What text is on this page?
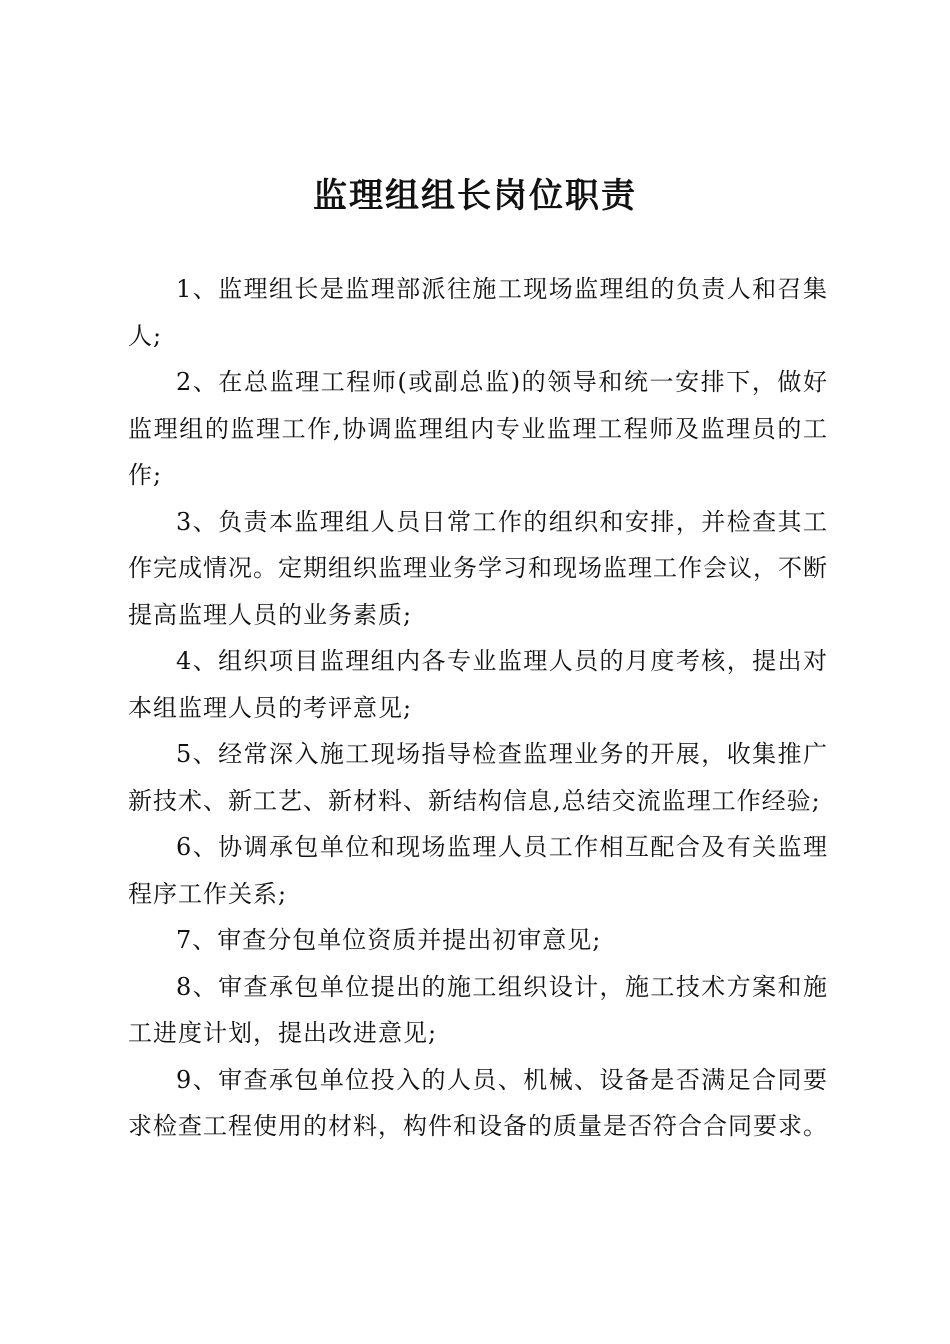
监理组组长岗位职责

1、监理组长是监理部派往施工现场监理组的负责人和召集人;

2、在总监理工程师(或副总监)的领导和统一安排下，做好监理组的监理工作,协调监理组内专业监理工程师及监理员的工作;

3、负责本监理组人员日常工作的组织和安排，并检查其工作完成情况。定期组织监理业务学习和现场监理工作会议，不断提高监理人员的业务素质;

4、组织项目监理组内各专业监理人员的月度考核，提出对本组监理人员的考评意见;

5、经常深入施工现场指导检查监理业务的开展，收集推广新技术、新工艺、新材料、新结构信息,总结交流监理工作经验;

6、协调承包单位和现场监理人员工作相互配合及有关监理程序工作关系;

7、审查分包单位资质并提出初审意见;

8、审查承包单位提出的施工组织设计，施工技术方案和施工进度计划，提出改进意见;

9、审查承包单位投入的人员、机械、设备是否满足合同要求检查工程使用的材料，构件和设备的质量是否符合合同要求。
